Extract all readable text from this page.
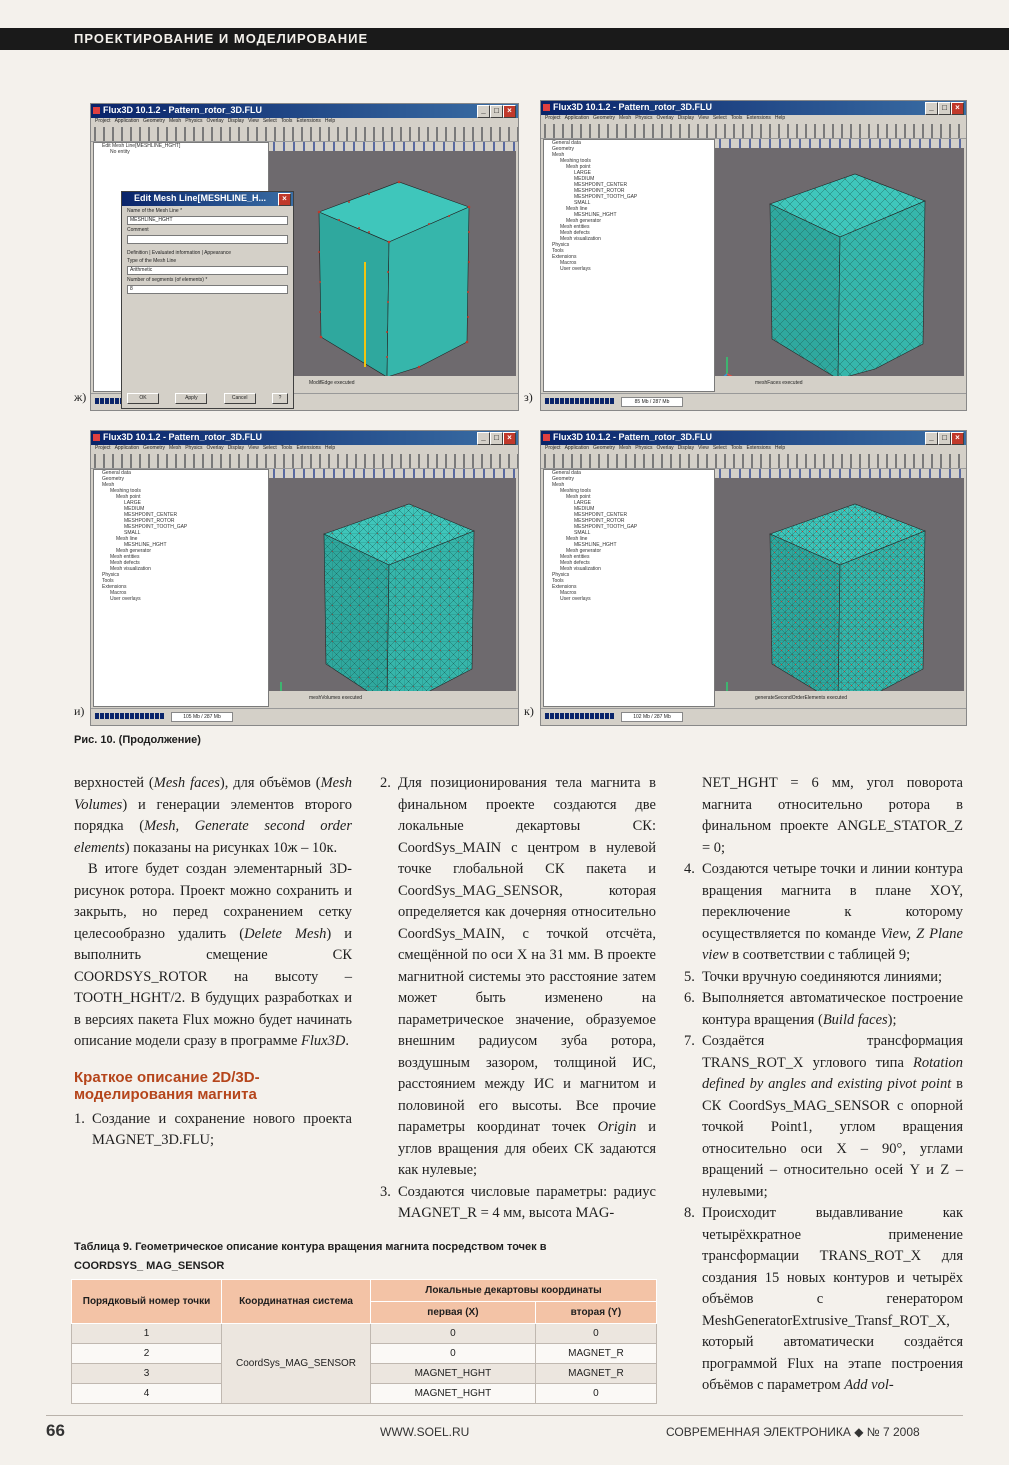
ПРОЕКТИРОВАНИЕ И МОДЕЛИРОВАНИЕ
Flux3D 10.1.2 - Pattern_rotor_3D.FLU	_	□	×
Project Application Geometry Mesh Physics Overlay Display View Select Tools Extensions Help
Edit Mesh Line[MESHLINE_HGHT]
No entity
ModifEdge executed
Edit Mesh Line[MESHLINE_H...	×
Name of the Mesh Line *
MESHLINE_HGHT
Comment
Definition | Evaluated information | Appearance
Type of the Mesh Line
Arithmetic
Number of segments (of elements) *
8
OK	Apply	Cancel	?
ж)
Flux3D 10.1.2 - Pattern_rotor_3D.FLU	_	□	×
Project Application Geometry Mesh Physics Overlay Display View Select Tools Extensions Help
General data
Geometry
Mesh
Meshing tools
Mesh point
LARGE
MEDIUM
MESHPOINT_CENTER
MESHPOINT_ROTOR
MESHPOINT_TOOTH_GAP
SMALL
Mesh line
MESHLINE_HGHT
Mesh generator
Mesh entities
Mesh defects
Mesh visualization
Physics
Tools
Extensions
Macros
User overlays
meshFaces executed
85 Mb / 287 Mb
з)
Flux3D 10.1.2 - Pattern_rotor_3D.FLU	_	□	×
Project Application Geometry Mesh Physics Overlay Display View Select Tools Extensions Help
General data
Geometry
Mesh
Meshing tools
Mesh point
LARGE
MEDIUM
MESHPOINT_CENTER
MESHPOINT_ROTOR
MESHPOINT_TOOTH_GAP
SMALL
Mesh line
MESHLINE_HGHT
Mesh generator
Mesh entities
Mesh defects
Mesh visualization
Physics
Tools
Extensions
Macros
User overlays
meshVolumes executed
105 Mb / 287 Mb
и)
Flux3D 10.1.2 - Pattern_rotor_3D.FLU	_	□	×
Project Application Geometry Mesh Physics Overlay Display View Select Tools Extensions Help
General data
Geometry
Mesh
Meshing tools
Mesh point
LARGE
MEDIUM
MESHPOINT_CENTER
MESHPOINT_ROTOR
MESHPOINT_TOOTH_GAP
SMALL
Mesh line
MESHLINE_HGHT
Mesh generator
Mesh entities
Mesh defects
Mesh visualization
Physics
Tools
Extensions
Macros
User overlays
generateSecondOrderElements executed
102 Mb / 287 Mb
к)
Рис. 10. (Продолжение)

верхностей (Mesh faces), для объёмов (Mesh Volumes) и генерации элементов второго порядка (Mesh, Generate second order elements) показаны на рисунках 10ж – 10к.

В итоге будет создан элементарный 3D-рисунок ротора. Проект можно сохранить и закрыть, но перед сохранением сетку целесообразно удалить (Delete Mesh) и выполнить смещение СК COORDSYS_ROTOR на высоту –TOOTH_HGHT/2. В будущих разработках и в версиях пакета Flux можно будет начинать описание модели сразу в программе Flux3D.

Краткое описание 2D/3D-моделирования магнита
1. Создание и сохранение нового проекта MAGNET_3D.FLU;
2. Для позиционирования тела магнита в финальном проекте создаются две локальные декартовы СК: CoordSys_MAIN с центром в нулевой точке глобальной СК пакета и CoordSys_MAG_SENSOR, которая определяется как дочерняя относительно CoordSys_MAIN, с точкой отсчёта, смещённой по оси X на 31 мм. В проекте магнитной системы это расстояние затем может быть изменено на параметрическое значение, образуемое внешним радиусом зуба ротора, воздушным зазором, толщиной ИС, расстоянием между ИС и магнитом и половиной его высоты. Все прочие параметры координат точек Origin и углов вращения для обеих СК задаются как нулевые;
3. Создаются числовые параметры: радиус MAGNET_R = 4 мм, высота MAG-
NET_HGHT = 6 мм, угол поворота магнита относительно ротора в финальном проекте ANGLE_STATOR_Z = 0;
4. Создаются четыре точки и линии контура вращения магнита в плане XOY, переключение к которому осуществляется по команде View, Z Plane view в соответствии с таблицей 9;
5. Точки вручную соединяются линиями;
6. Выполняется автоматическое построение контура вращения (Build faces);
7. Создаётся трансформация TRANS_ROT_X углового типа Rotation defined by angles and existing pivot point в СК CoordSys_MAG_SENSOR с опорной точкой Point1, углом вращения относительно оси X – 90°, углами вращений – относительно осей Y и Z – нулевыми;
8. Происходит выдавливание как четырёхкратное применение трансформации TRANS_ROT_X для создания 15 новых контуров и четырёх объёмов с генератором MeshGeneratorExtrusive_Transf_ROT_X, который автоматически создаётся программой Flux на этапе построения объёмов с параметром Add vol-
Таблица 9. Геометрическое описание контура вращения магнита посредством точек в COORDSYS_ MAG_SENSOR
Порядковый номер точки	Координатная система	Локальные декартовы координаты	
		первая (X)	вторая (Y)
1	CoordSys_MAG_SENSOR	0	0
2		0	MAGNET_R
3		MAGNET_HGHT	MAGNET_R
4		MAGNET_HGHT	0
66	WWW.SOEL.RU	СОВРЕМЕННАЯ ЭЛЕКТРОНИКА ◆ № 7 2008
